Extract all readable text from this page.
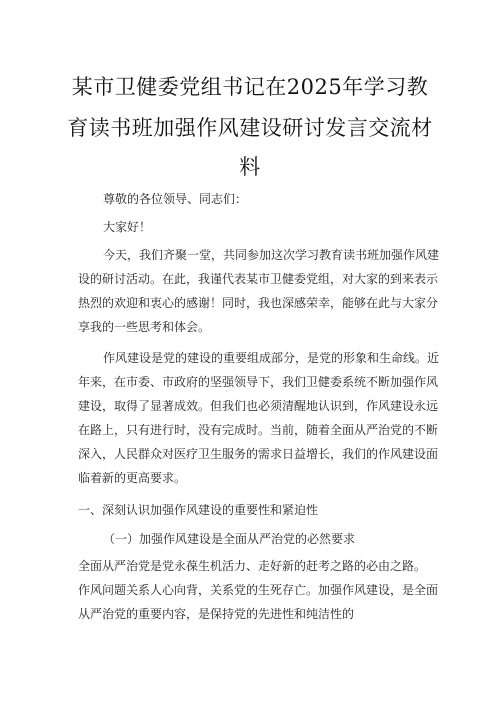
某市卫健委党组书记在2025年学习教
育读书班加强作风建设研讨发言交流材
料
尊敬的各位领导、同志们：
大家好！
今天，我们齐聚一堂，共同参加这次学习教育读书班加强作风建
设的研讨活动。在此，我谨代表某市卫健委党组，对大家的到来表示
热烈的欢迎和衷心的感谢！同时，我也深感荣幸，能够在此与大家分
享我的一些思考和体会。
作风建设是党的建设的重要组成部分，是党的形象和生命线。近
年来，在市委、市政府的坚强领导下，我们卫健委系统不断加强作风
建设，取得了显著成效。但我们也必须清醒地认识到，作风建设永远
在路上，只有进行时，没有完成时。当前，随着全面从严治党的不断
深入，人民群众对医疗卫生服务的需求日益增长，我们的作风建设面
临着新的更高要求。
一、深刻认识加强作风建设的重要性和紧迫性
（一）加强作风建设是全面从严治党的必然要求
全面从严治党是党永葆生机活力、走好新的赶考之路的必由之路。
作风问题关系人心向背，关系党的生死存亡。加强作风建设，是全面
从严治党的重要内容，是保持党的先进性和纯洁性的
